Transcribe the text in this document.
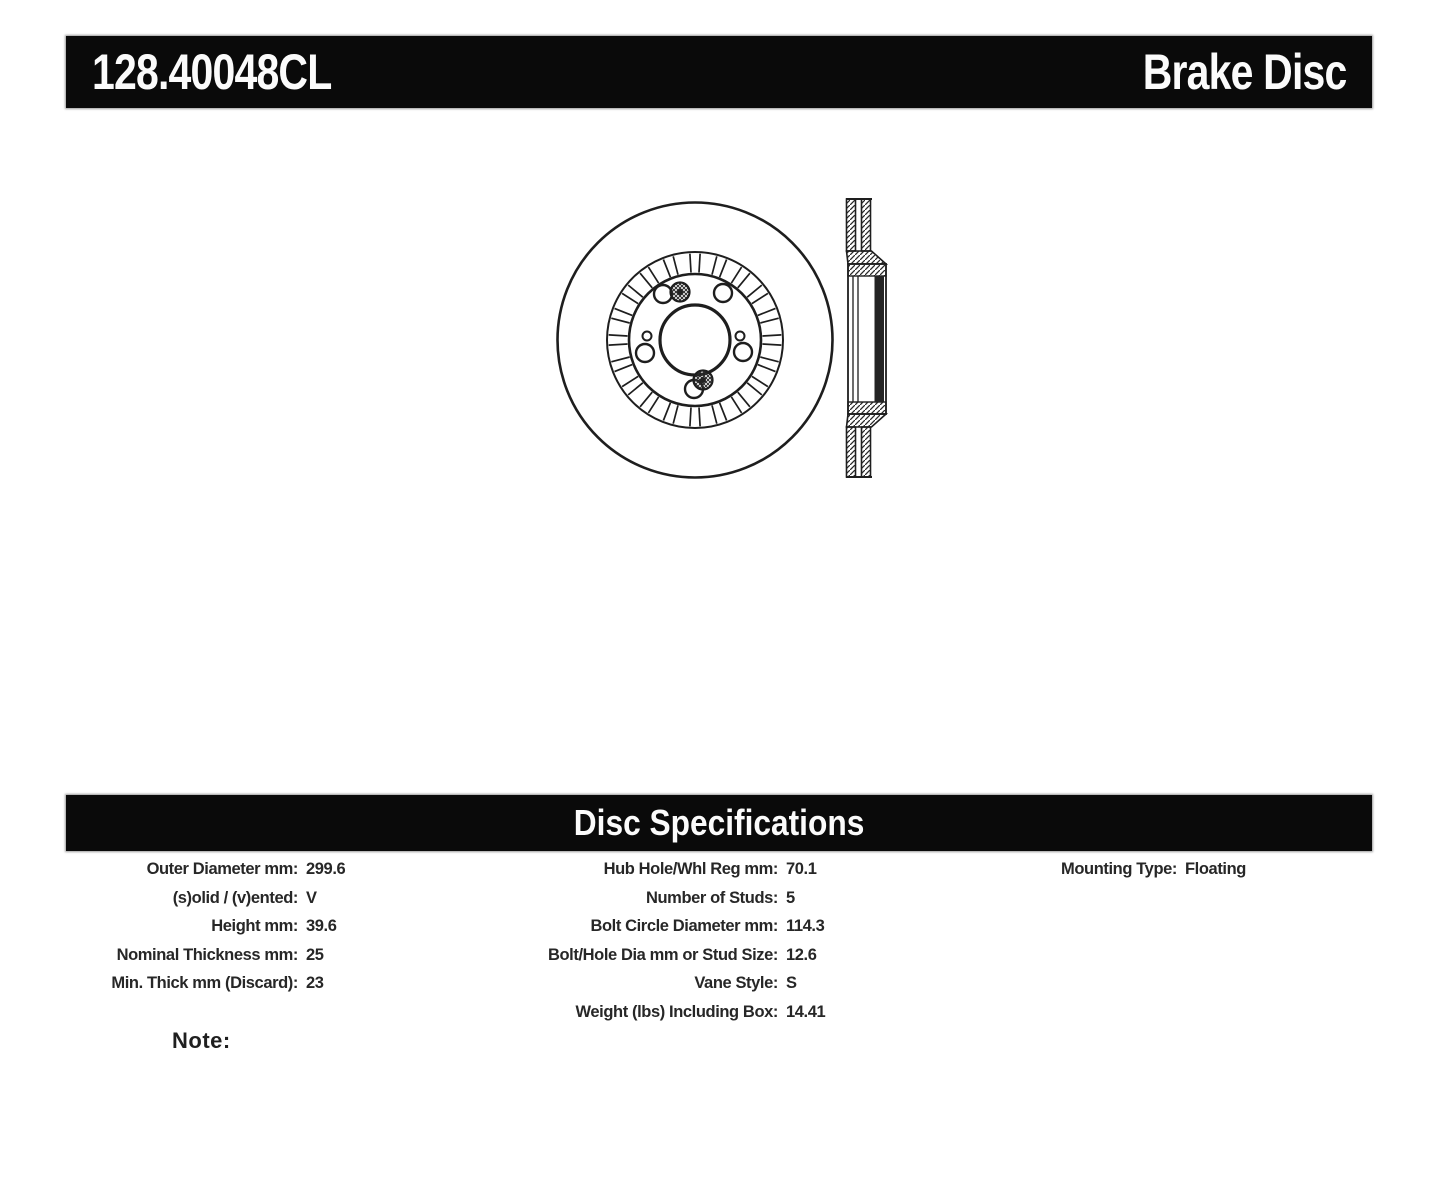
128.40048CL	Brake Disc
Disc Specifications
Outer Diameter mm: 299.6
(s)olid / (v)ented: V
Height mm: 39.6
Nominal Thickness mm: 25
Min. Thick mm (Discard): 23
Hub Hole/Whl Reg mm: 70.1
Number of Studs: 5
Bolt Circle Diameter mm: 114.3
Bolt/Hole Dia mm or Stud Size: 12.6
Vane Style: S
Weight (lbs) Including Box: 14.41
Mounting Type: Floating
Note:
